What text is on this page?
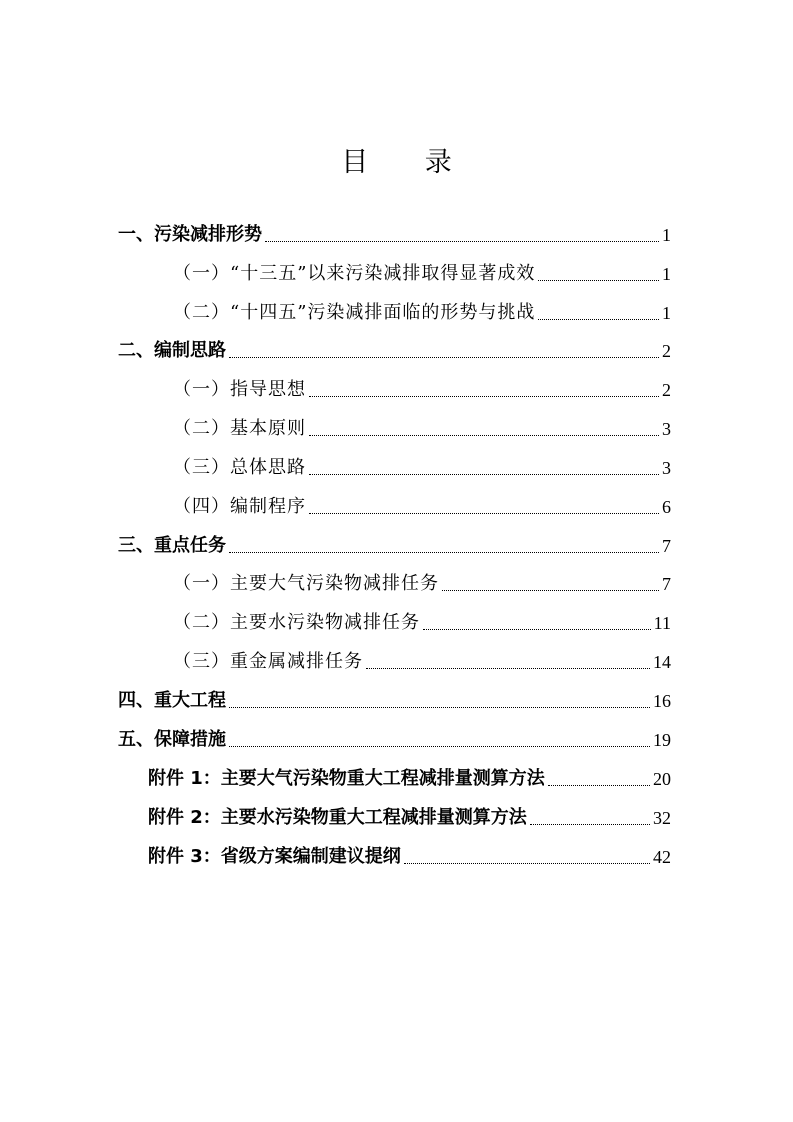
目 录
一、污染减排形势	1
（一）“十三五”以来污染减排取得显著成效	1
（二）“十四五”污染减排面临的形势与挑战	1
二、编制思路	2
（一）指导思想	2
（二）基本原则	3
（三）总体思路	3
（四）编制程序	6
三、重点任务	7
（一）主要大气污染物减排任务	7
（二）主要水污染物减排任务	11
（三）重金属减排任务	14
四、重大工程	16
五、保障措施	19
附件 1：主要大气污染物重大工程减排量测算方法	20
附件 2：主要水污染物重大工程减排量测算方法	32
附件 3：省级方案编制建议提纲	42
